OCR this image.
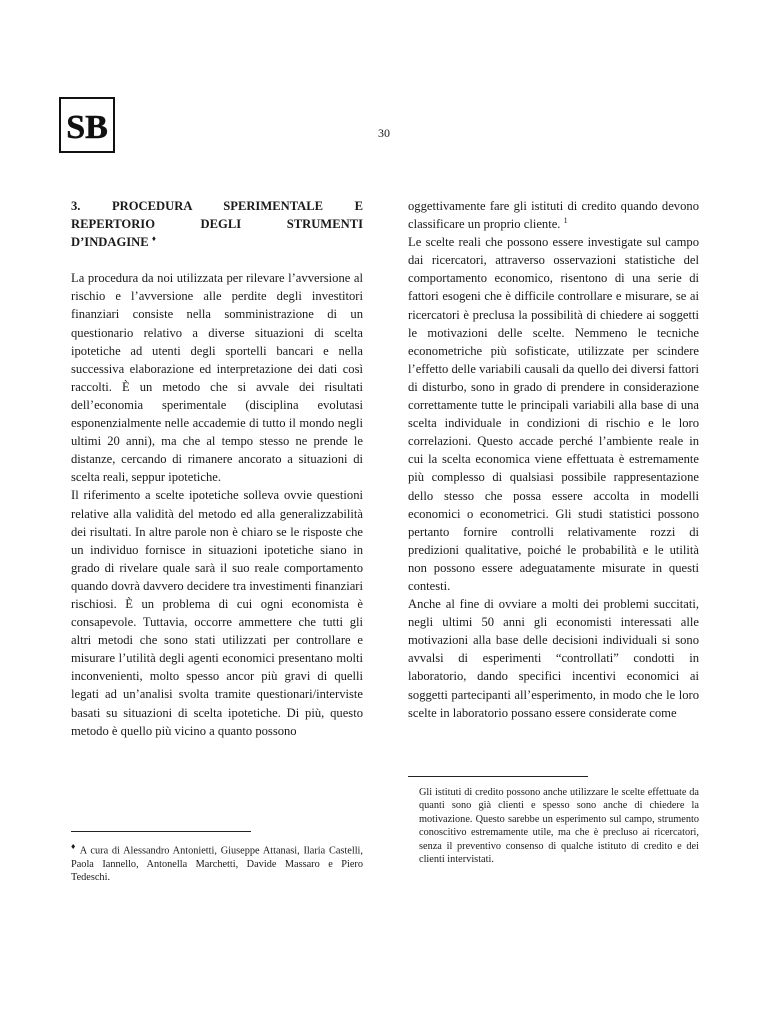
SB	30
3. PROCEDURA SPERIMENTALE E
REPERTORIO DEGLI STRUMENTI
D’INDAGINE ♦

La procedura da noi utilizzata per rilevare l’avversione al rischio e l’avversione alle perdite degli investitori finanziari consiste nella somministrazione di un questionario relativo a diverse situazioni di scelta ipotetiche ad utenti degli sportelli bancari e nella successiva elaborazione ed interpretazione dei dati così raccolti. È un metodo che si avvale dei risultati dell’economia sperimentale (disciplina evolutasi esponenzialmente nelle accademie di tutto il mondo negli ultimi 20 anni), ma che al tempo stesso ne prende le distanze, cercando di rimanere ancorato a situazioni di scelta reali, seppur ipotetiche.

Il riferimento a scelte ipotetiche solleva ovvie questioni relative alla validità del metodo ed alla generalizzabilità dei risultati. In altre parole non è chiaro se le risposte che un individuo fornisce in situazioni ipotetiche siano in grado di rivelare quale sarà il suo reale comportamento quando dovrà davvero decidere tra investimenti finanziari rischiosi. È un problema di cui ogni economista è consapevole. Tuttavia, occorre ammettere che tutti gli altri metodi che sono stati utilizzati per controllare e misurare l’utilità degli agenti economici presentano molti inconvenienti, molto spesso ancor più gravi di quelli legati ad un’analisi svolta tramite questionari/interviste basati su situazioni di scelta ipotetiche. Di più, questo metodo è quello più vicino a quanto possono

oggettivamente fare gli istituti di credito quando devono classificare un proprio cliente. $^1$

Le scelte reali che possono essere investigate sul campo dai ricercatori, attraverso osservazioni statistiche del comportamento economico, risentono di una serie di fattori esogeni che è difficile controllare e misurare, se ai ricercatori è preclusa la possibilità di chiedere ai soggetti le motivazioni delle scelte. Nemmeno le tecniche econometriche più sofisticate, utilizzate per scindere l’effetto delle variabili causali da quello dei diversi fattori di disturbo, sono in grado di prendere in considerazione correttamente tutte le principali variabili alla base di una scelta individuale in condizioni di rischio e le loro correlazioni. Questo accade perché l’ambiente reale in cui la scelta economica viene effettuata è estremamente più complesso di qualsiasi possibile rappresentazione dello stesso che possa essere accolta in modelli economici o econometrici. Gli studi statistici possono pertanto fornire controlli relativamente rozzi di predizioni qualitative, poiché le probabilità e le utilità non possono essere adeguatamente misurate in questi contesti.

Anche al fine di ovviare a molti dei problemi succitati, negli ultimi 50 anni gli economisti interessati alle motivazioni alla base delle decisioni individuali si sono avvalsi di esperimenti “controllati” condotti in laboratorio, dando specifici incentivi economici ai soggetti partecipanti all’esperimento, in modo che le loro scelte in laboratorio possano essere considerate come

Gli istituti di credito possono anche utilizzare le scelte effettuate da quanti sono già clienti e spesso sono anche di chiedere la motivazione. Questo sarebbe un esperimento sul campo, strumento conoscitivo estremamente utile, ma che è precluso ai ricercatori, senza il preventivo consenso di qualche istituto di credito e dei clienti intervistati.

♦ A cura di Alessandro Antonietti, Giuseppe Attanasi, Ilaria Castelli, Paola Iannello, Antonella Marchetti, Davide Massaro e Piero Tedeschi.
